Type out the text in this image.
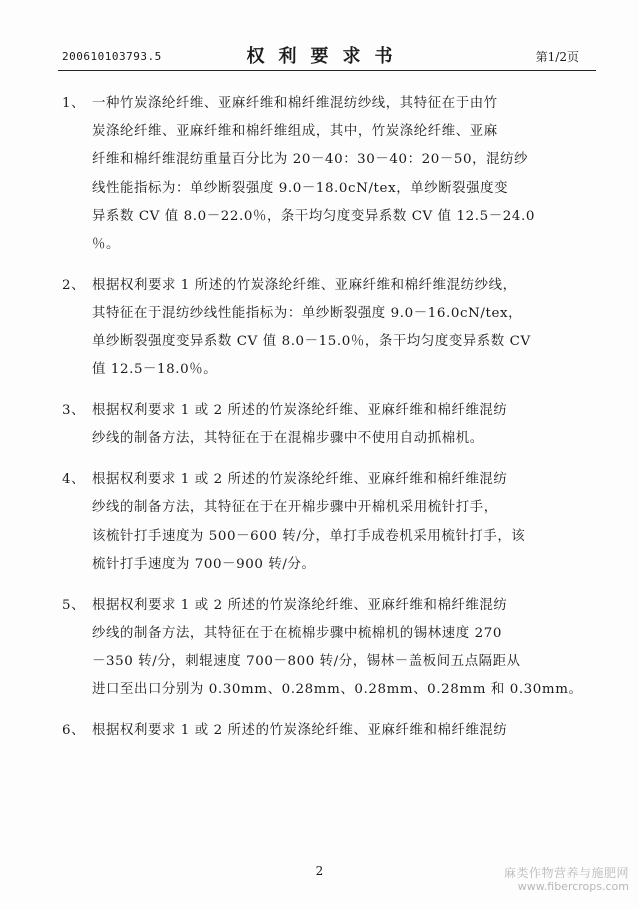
200610103793.5	权利要求书	第1/2页
1、 一种竹炭涤纶纤维、亚麻纤维和棉纤维混纺纱线，其特征在于由竹

炭涤纶纤维、亚麻纤维和棉纤维组成，其中，竹炭涤纶纤维、亚麻

纤维和棉纤维混纺重量百分比为 20－40：30－40：20－50，混纺纱

线性能指标为：单纱断裂强度 9.0－18.0cN/tex，单纱断裂强度变

异系数 CV 值 8.0－22.0％，条干均匀度变异系数 CV 值 12.5－24.0

％。

2、 根据权利要求 1 所述的竹炭涤纶纤维、亚麻纤维和棉纤维混纺纱线，

其特征在于混纺纱线性能指标为：单纱断裂强度 9.0－16.0cN/tex，

单纱断裂强度变异系数 CV 值 8.0－15.0％，条干均匀度变异系数 CV

值 12.5－18.0％。

3、 根据权利要求 1 或 2 所述的竹炭涤纶纤维、亚麻纤维和棉纤维混纺

纱线的制备方法，其特征在于在混棉步骤中不使用自动抓棉机。

4、 根据权利要求 1 或 2 所述的竹炭涤纶纤维、亚麻纤维和棉纤维混纺

纱线的制备方法，其特征在于在开棉步骤中开棉机采用梳针打手，

该梳针打手速度为 500－600 转/分，单打手成卷机采用梳针打手，该

梳针打手速度为 700－900 转/分。

5、 根据权利要求 1 或 2 所述的竹炭涤纶纤维、亚麻纤维和棉纤维混纺

纱线的制备方法，其特征在于在梳棉步骤中梳棉机的锡林速度 270

－350 转/分，刺辊速度 700－800 转/分，锡林－盖板间五点隔距从

进口至出口分别为 0.30mm、0.28mm、0.28mm、0.28mm 和 0.30mm。

6、 根据权利要求 1 或 2 所述的竹炭涤纶纤维、亚麻纤维和棉纤维混纺

2	麻类作物营养与施肥网
www.fibercrops.com
